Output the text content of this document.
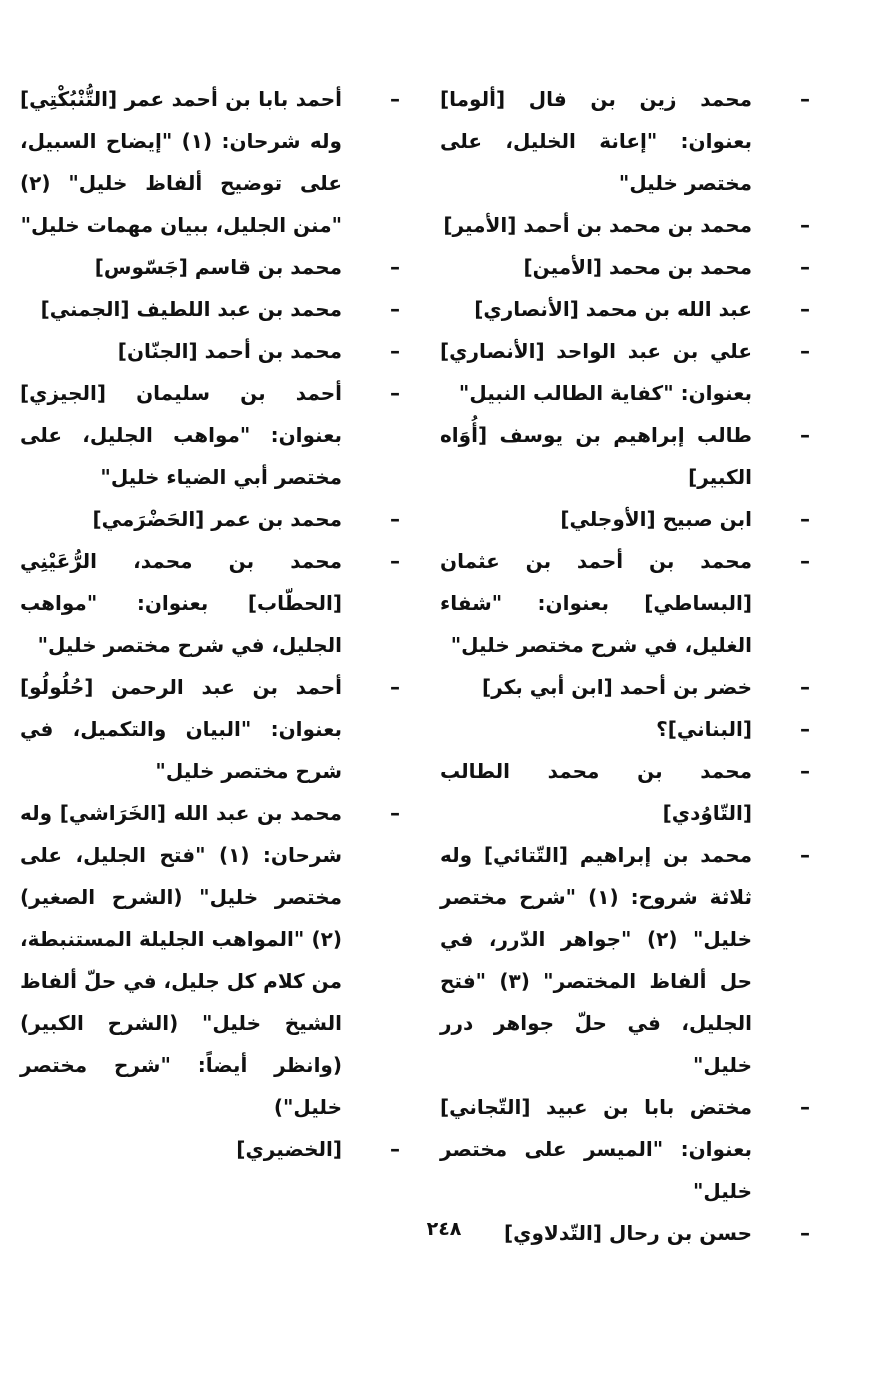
–
محمد زين بن فال [ألوما] بعنوان: "إعانة الخليل، على مختصر خليل"
–
محمد بن محمد بن أحمد [الأمير]
–
محمد بن محمد [الأمين]
–
عبد الله بن محمد [الأنصاري]
–
علي بن عبد الواحد [الأنصاري] بعنوان: "كفاية الطالب النبيل"
–
طالب إبراهيم بن يوسف [أُوَاه الكبير]
–
ابن صبيح [الأوجلي]
–
محمد بن أحمد بن عثمان [البساطي] بعنوان: "شفاء الغليل، في شرح مختصر خليل"
–
خضر بن أحمد [ابن أبي بكر]
–
[البناني]؟
–
محمد بن محمد الطالب [التّاوُدي]
–
محمد بن إبراهيم [التّتائي] وله ثلاثة شروح: (١) "شرح مختصر خليل" (٢) "جواهر الدّرر، في حل ألفاظ المختصر" (٣) "فتح الجليل، في حلّ جواهر درر خليل"
–
مختض بابا بن عبيد [التّجاني] بعنوان: "الميسر على مختصر خليل"
–
حسن بن رحال [التّدلاوي]
–
أحمد بابا بن أحمد عمر [التُّنْبُكْتِي] وله شرحان: (١) "إيضاح السبيل، على توضيح ألفاظ خليل" (٢) "منن الجليل، ببيان مهمات خليل"
–
محمد بن قاسم [جَسّوس]
–
محمد بن عبد اللطيف [الجمني]
–
محمد بن أحمد [الجنّان]
–
أحمد بن سليمان [الجيزي] بعنوان: "مواهب الجليل، على مختصر أبي الضياء خليل"
–
محمد بن عمر [الحَضْرَمي]
–
محمد بن محمد، الرُّعَيْنِي [الحطّاب] بعنوان: "مواهب الجليل، في شرح مختصر خليل"
–
أحمد بن عبد الرحمن [حُلُولُو] بعنوان: "البيان والتكميل، في شرح مختصر خليل"
–
محمد بن عبد الله [الخَرَاشي] وله شرحان: (١) "فتح الجليل، على مختصر خليل" (الشرح الصغير) (٢) "المواهب الجليلة المستنبطة، من كلام كل جليل، في حلّ ألفاظ الشيخ خليل" (الشرح الكبير) (وانظر أيضاً: "شرح مختصر خليل")
–
[الخضيري]
٢٤٨
